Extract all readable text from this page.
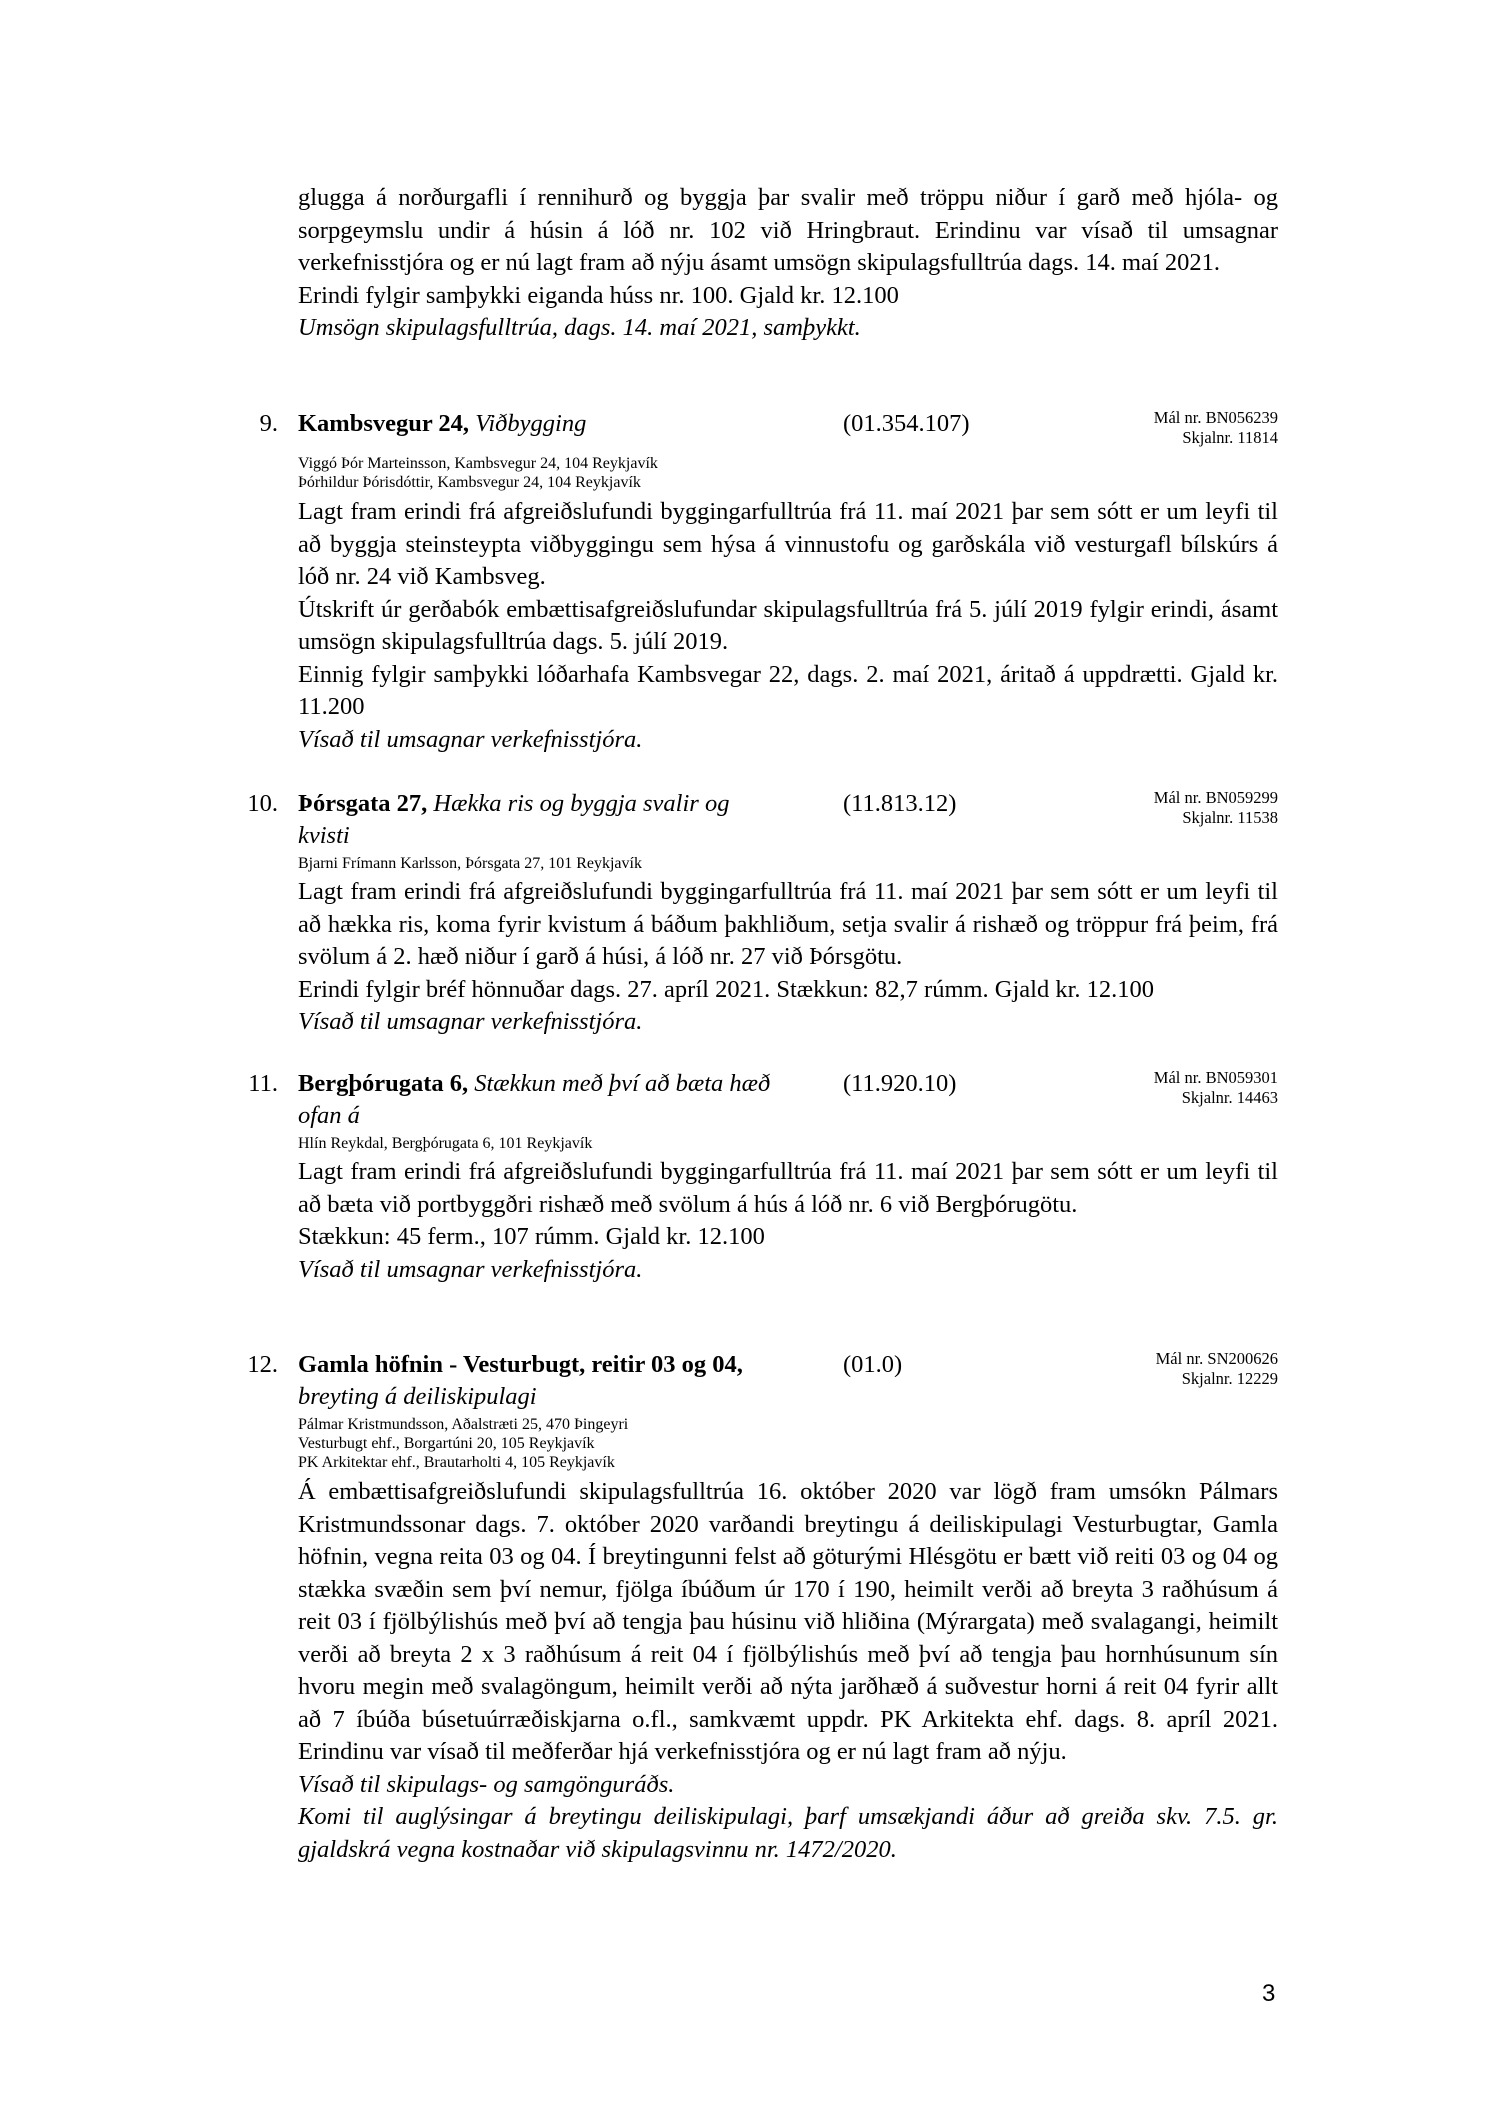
glugga á norðurgafli í rennihurð og byggja þar svalir með tröppu niður í garð með hjóla- og sorpgeymslu undir á húsin á lóð nr. 102 við Hringbraut. Erindinu var vísað til umsagnar verkefnisstjóra og er nú lagt fram að nýju ásamt umsögn skipulagsfulltrúa dags. 14. maí 2021.

Erindi fylgir samþykki eiganda húss nr. 100. Gjald kr. 12.100

Umsögn skipulagsfulltrúa, dags. 14. maí 2021, samþykkt.

9. Kambsvegur 24, Viðbygging	(01.354.107)	Mál nr. BN056239
Skjalnr. 11814
Viggó Þór Marteinsson, Kambsvegur 24, 104 Reykjavík
Þórhildur Þórisdóttir, Kambsvegur 24, 104 Reykjavík

Lagt fram erindi frá afgreiðslufundi byggingarfulltrúa frá 11. maí 2021 þar sem sótt er um leyfi til að byggja steinsteypta viðbyggingu sem hýsa á vinnustofu og garðskála við vesturgafl bílskúrs á lóð nr. 24 við Kambsveg.

Útskrift úr gerðabók embættisafgreiðslufundar skipulagsfulltrúa frá 5. júlí 2019 fylgir erindi, ásamt umsögn skipulagsfulltrúa dags. 5. júlí 2019.

Einnig fylgir samþykki lóðarhafa Kambsvegar 22, dags. 2. maí 2021, áritað á uppdrætti. Gjald kr. 11.200

Vísað til umsagnar verkefnisstjóra.

10. Þórsgata 27, Hækka ris og byggja svalir og kvisti
(11.813.12)	Mál nr. BN059299
Skjalnr. 11538
Bjarni Frímann Karlsson, Þórsgata 27, 101 Reykjavík

Lagt fram erindi frá afgreiðslufundi byggingarfulltrúa frá 11. maí 2021 þar sem sótt er um leyfi til að hækka ris, koma fyrir kvistum á báðum þakhliðum, setja svalir á rishæð og tröppur frá þeim, frá svölum á 2. hæð niður í garð á húsi, á lóð nr. 27 við Þórsgötu.

Erindi fylgir bréf hönnuðar dags. 27. apríl 2021. Stækkun: 82,7 rúmm. Gjald kr. 12.100

Vísað til umsagnar verkefnisstjóra.

11. Bergþórugata 6, Stækkun með því að bæta hæð ofan á
(11.920.10)	Mál nr. BN059301
Skjalnr. 14463
Hlín Reykdal, Bergþórugata 6, 101 Reykjavík

Lagt fram erindi frá afgreiðslufundi byggingarfulltrúa frá 11. maí 2021 þar sem sótt er um leyfi til að bæta við portbyggðri rishæð með svölum á hús á lóð nr. 6 við Bergþórugötu.

Stækkun: 45 ferm., 107 rúmm. Gjald kr. 12.100

Vísað til umsagnar verkefnisstjóra.

12. Gamla höfnin - Vesturbugt, reitir 03 og 04,
breyting á deiliskipulagi
(01.0)	Mál nr. SN200626
Skjalnr. 12229
Pálmar Kristmundsson, Aðalstræti 25, 470 Þingeyri
Vesturbugt ehf., Borgartúni 20, 105 Reykjavík
PK Arkitektar ehf., Brautarholti 4, 105 Reykjavík

Á embættisafgreiðslufundi skipulagsfulltrúa 16. október 2020 var lögð fram umsókn Pálmars Kristmundssonar dags. 7. október 2020 varðandi breytingu á deiliskipulagi Vesturbugtar, Gamla höfnin, vegna reita 03 og 04. Í breytingunni felst að göturými Hlésgötu er bætt við reiti 03 og 04 og stækka svæðin sem því nemur, fjölga íbúðum úr 170 í 190, heimilt verði að breyta 3 raðhúsum á reit 03 í fjölbýlishús með því að tengja þau húsinu við hliðina (Mýrargata) með svalagangi, heimilt verði að breyta 2 x 3 raðhúsum á reit 04 í fjölbýlishús með því að tengja þau hornhúsunum sín hvoru megin með svalagöngum, heimilt verði að nýta jarðhæð á suðvestur horni á reit 04 fyrir allt að 7 íbúða búsetuúrræðiskjarna o.fl., samkvæmt uppdr. PK Arkitekta ehf. dags. 8. apríl 2021. Erindinu var vísað til meðferðar hjá verkefnisstjóra og er nú lagt fram að nýju.

Vísað til skipulags- og samgönguráðs.

Komi til auglýsingar á breytingu deiliskipulagi, þarf umsækjandi áður að greiða skv. 7.5. gr. gjaldskrá vegna kostnaðar við skipulagsvinnu nr. 1472/2020.

3
